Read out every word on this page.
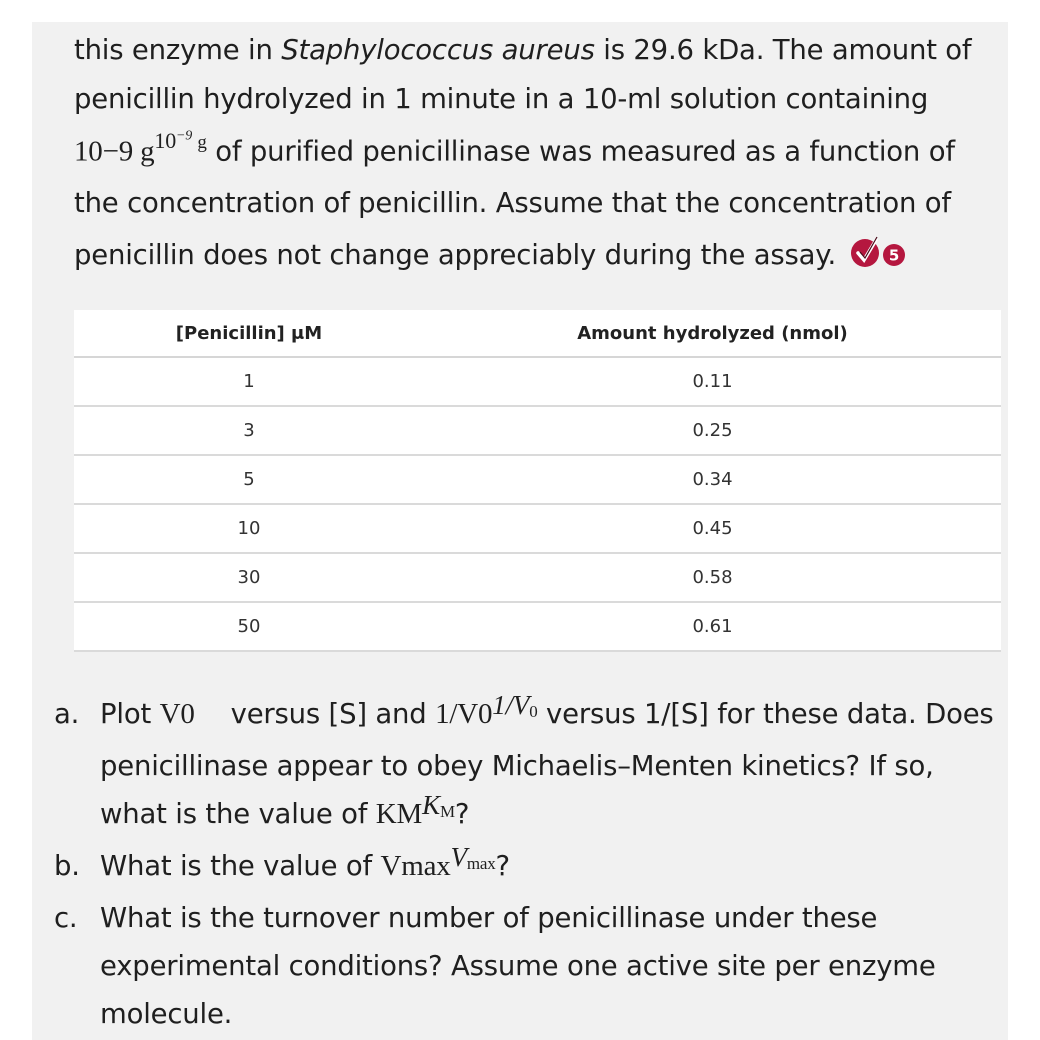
this enzyme in Staphylococcus aureus is 29.6 kDa. The amount of penicillin hydrolyzed in 1 minute in a 10-ml solution containing 10−9 $g^{10^{-9} g}$ of purified penicillinase was measured as a function of the concentration of penicillin. Assume that the concentration of penicillin does not change appreciably during the assay.	5
[Penicillin] μM	Amount hydrolyzed (nmol)
1	0.11
3	0.25
5	0.34
10	0.45
30	0.58
50	0.61
a. Plot V0 versus [S] and 1/V01/V0 versus 1/[S] for these data. Does penicillinase appear to obey Michaelis–Menten kinetics? If so, what is the value of KMKM?
b. What is the value of VmaxVmax?
c. What is the turnover number of penicillinase under these experimental conditions? Assume one active site per enzyme molecule.
